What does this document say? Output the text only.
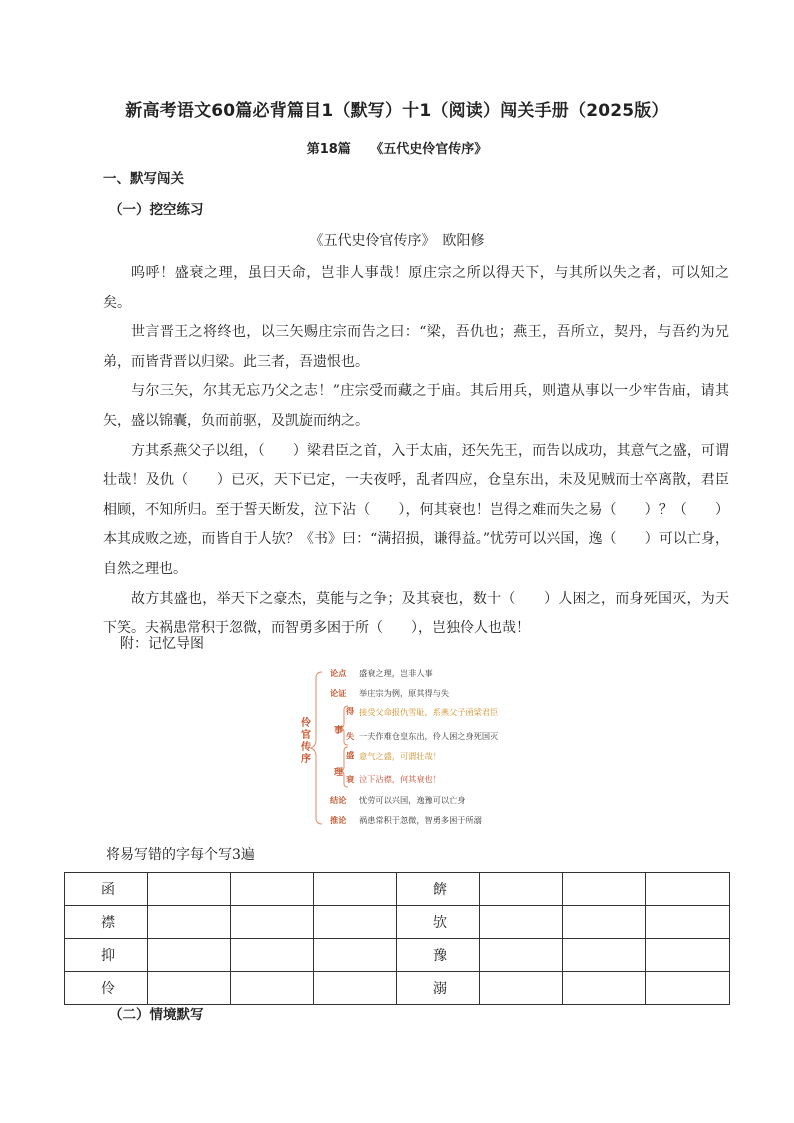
新高考语文60篇必背篇目1（默写）十1（阅读）闯关手册（2025版）
第18篇　　《五代史伶官传序》
一、默写闯关
（一）挖空练习
《五代史伶官传序》　欧阳修

呜呼！盛衰之理，虽曰天命，岂非人事哉！原庄宗之所以得天下，与其所以失之者，可以知之矣。

世言晋王之将终也，以三矢赐庄宗而告之曰：“梁，吾仇也；燕王，吾所立，契丹，与吾约为兄弟，而皆背晋以归梁。此三者，吾遗恨也。

与尔三矢，尔其无忘乃父之志！”庄宗受而藏之于庙。其后用兵，则遣从事以一少牢告庙，请其矢，盛以锦囊，负而前驱，及凯旋而纳之。

方其系燕父子以组，（　　）梁君臣之首，入于太庙，还矢先王，而告以成功，其意气之盛，可谓壮哉！及仇（　　）已灭，天下已定，一夫夜呼，乱者四应，仓皇东出，未及见贼而士卒离散，君臣相顾，不知所归。至于誓天断发，泣下沾（　　），何其衰也！岂得之难而失之易（　　）？（　　）本其成败之迹，而皆自于人欤？《书》曰：“满招损，谦得益。”忧劳可以兴国，逸（　　）可以亡身，自然之理也。

故方其盛也，举天下之豪杰，莫能与之争；及其衰也，数十（　　）人困之，而身死国灭，为天下笑。夫祸患常积于忽微，而智勇多困于所（　　），岂独伶人也哉！

附：记忆导图
伶官传序
论点 盛衰之理，岂非人事
论证 举庄宗为例，原其得与失
事
得 接受父命报仇雪耻，系燕父子函梁君臣
失 一夫作难仓皇东出，伶人困之身死国灭
理
盛 意气之盛，可谓壮哉！
衰 泣下沾襟，何其衰也！
结论 忧劳可以兴国，逸豫可以亡身
推论 祸患常积于忽微，智勇多困于所溺
将易写错的字每个写3遍
函				餴			
襟				欤			
抑				豫			
伶				溺			
（二）情境默写
